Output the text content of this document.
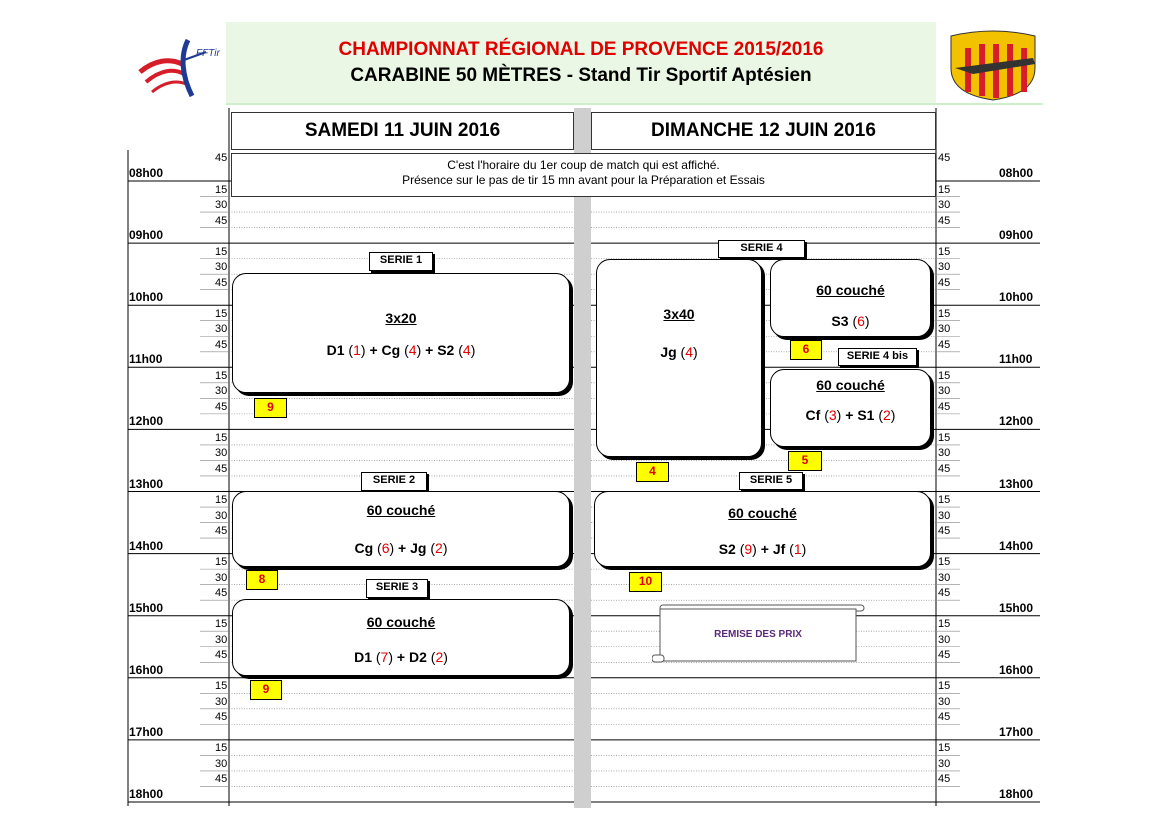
CHAMPIONNAT RÉGIONAL DE PROVENCE 2015/2016
CARABINE 50 MÈTRES - Stand Tir Sportif Aptésien
FFTir
08h00	08h00
15	15
30	30
45	45
09h00	09h00
15	15
30	30
45	45
10h00	10h00
15	15
30	30
45	45
11h00	11h00
15	15
30	30
45	45
12h00	12h00
15	15
30	30
45	45
13h00	13h00
15	15
30	30
45	45
14h00	14h00
15	15
30	30
45	45
15h00	15h00
15	15
30	30
45	45
16h00	16h00
15	15
30	30
45	45
17h00	17h00
15	15
30	30
45	45
18h00	18h00
45	45
SAMEDI 11 JUIN 2016	DIMANCHE 12 JUIN 2016
C'est l'horaire du 1er coup de match qui est affiché.
Présence sur le pas de tir 15 mn avant pour la Préparation et Essais
SERIE 1
3x20
D1 (1) + Cg (4) + S2 (4)
9
SERIE 2
60 couché
Cg (6) + Jg (2)
8
SERIE 3
60 couché
D1 (7) + D2 (2)
9
3x40
Jg (4)
4
SERIE 4
60 couché
S3 (6)
6	SERIE 4 bis
60 couché
Cf (3) + S1 (2)
5
SERIE 5
60 couché
S2 (9) + Jf (1)
10
REMISE DES PRIX
